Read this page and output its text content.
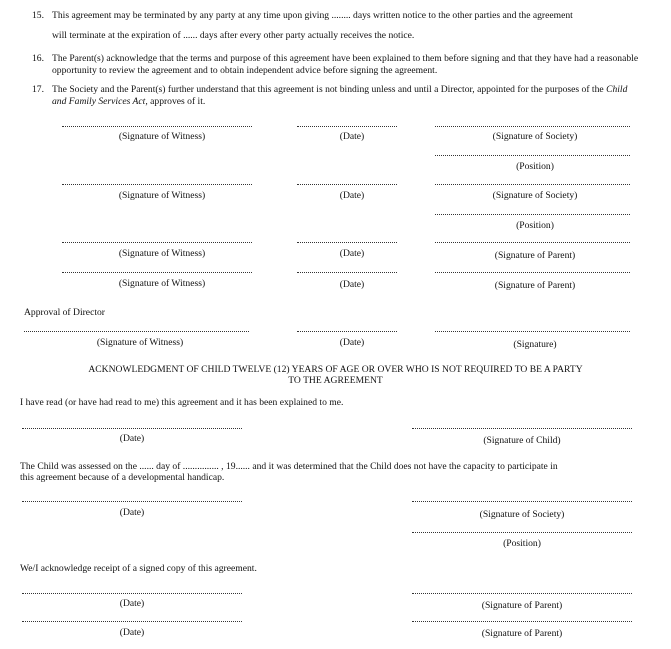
15. This agreement may be terminated by any party at any time upon giving ........ days written notice to the other parties and the agreement
will terminate at the expiration of ...... days after every other party actually receives the notice.
16. The Parent(s) acknowledge that the terms and purpose of this agreement have been explained to them before signing and that they have had a reasonable opportunity to review the agreement and to obtain independent advice before signing the agreement.
17. The Society and the Parent(s) further understand that this agreement is not binding unless and until a Director, appointed for the purposes of the Child and Family Services Act, approves of it.
(Signature of Witness)	(Date)	(Signature of Society)
(Position)
(Signature of Witness)	(Date)	(Signature of Society)
(Position)
(Signature of Witness)	(Date)	(Signature of Parent)
(Signature of Witness)	(Date)	(Signature of Parent)
Approval of Director
(Signature of Witness)	(Date)	(Signature)
ACKNOWLEDGMENT OF CHILD TWELVE (12) YEARS OF AGE OR OVER WHO IS NOT REQUIRED TO BE A PARTY
TO THE AGREEMENT
I have read (or have had read to me) this agreement and it has been explained to me.
(Date)	(Signature of Child)
The Child was assessed on the ...... day of ............... , 19...... and it was determined that the Child does not have the capacity to participate in
this agreement because of a developmental handicap.
(Date)	(Signature of Society)
(Position)
We/I acknowledge receipt of a signed copy of this agreement.
(Date)	(Signature of Parent)
(Date)	(Signature of Parent)
